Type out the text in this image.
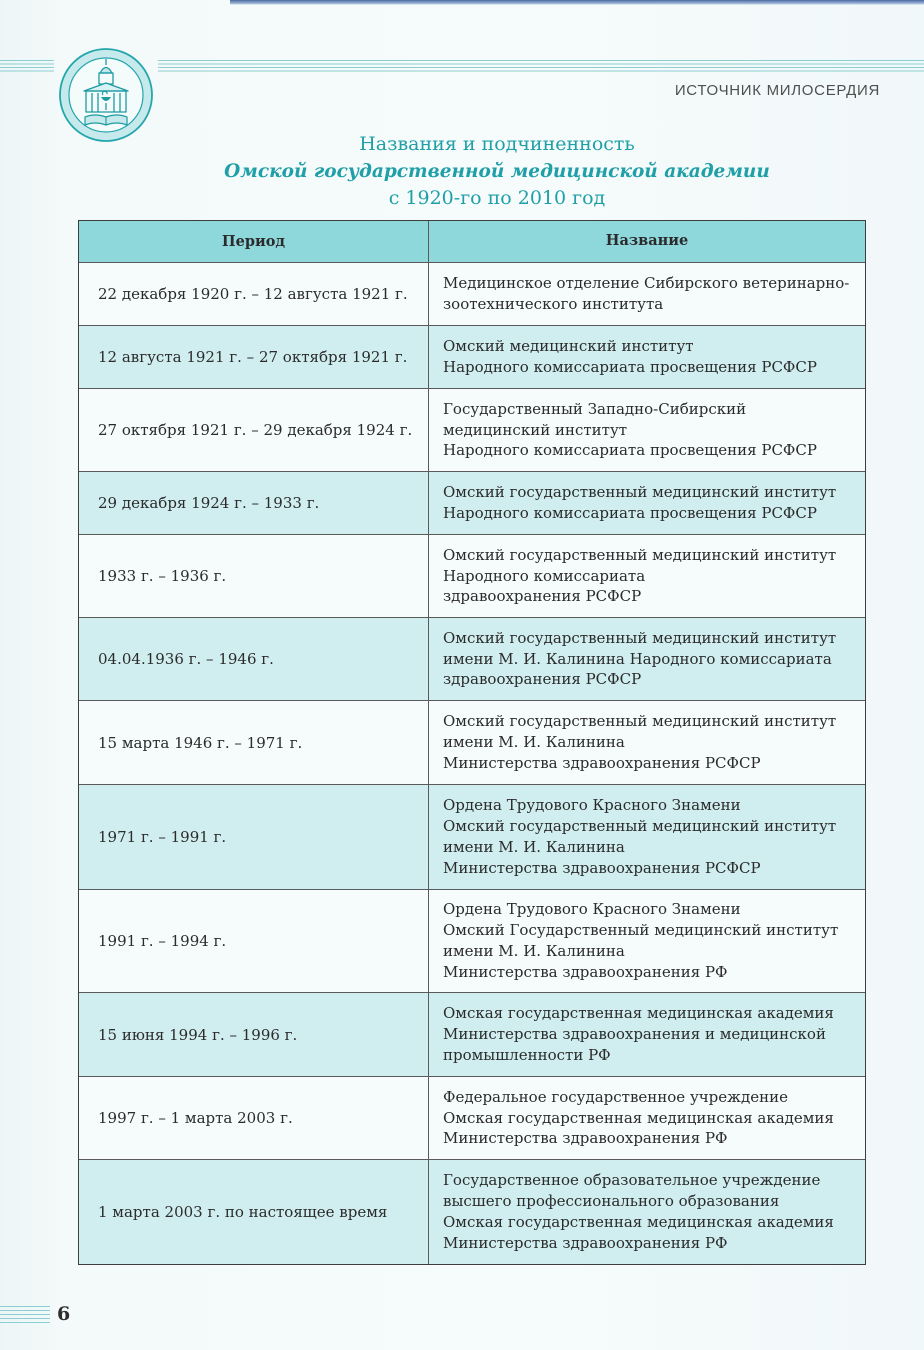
ИСТОЧНИК МИЛОСЕРДИЯ
Названия и подчиненность
Омской государственной медицинской академии
с 1920-го по 2010 год
Период	Название
22 декабря 1920 г. – 12 августа 1921 г.
Медицинское отделение Сибирского ветеринарно-
зоотехнического института
12 августа 1921 г. – 27 октября 1921 г.
Омский медицинский институт
Народного комиссариата просвещения РСФСР
27 октября 1921 г. – 29 декабря 1924 г.
Государственный Западно-Сибирский
медицинский институт
Народного комиссариата просвещения РСФСР
29 декабря 1924 г. – 1933 г.
Омский государственный медицинский институт
Народного комиссариата просвещения РСФСР
1933 г. – 1936 г.
Омский государственный медицинский институт
Народного комиссариата
здравоохранения РСФСР
04.04.1936 г. – 1946 г.
Омский государственный медицинский институт
имени М. И. Калинина Народного комиссариата
здравоохранения РСФСР
15 марта 1946 г. – 1971 г.
Омский государственный медицинский институт
имени М. И. Калинина
Министерства здравоохранения РСФСР
1971 г. – 1991 г.
Ордена Трудового Красного Знамени
Омский государственный медицинский институт
имени М. И. Калинина
Министерства здравоохранения РСФСР
1991 г. – 1994 г.
Ордена Трудового Красного Знамени
Омский Государственный медицинский институт
имени М. И. Калинина
Министерства здравоохранения РФ
15 июня 1994 г. – 1996 г.
Омская государственная медицинская академия
Министерства здравоохранения и медицинской
промышленности РФ
1997 г. – 1 марта 2003 г.
Федеральное государственное учреждение
Омская государственная медицинская академия
Министерства здравоохранения РФ
1 марта 2003 г. по настоящее время
Государственное образовательное учреждение
высшего профессионального образования
Омская государственная медицинская академия
Министерства здравоохранения РФ
6
